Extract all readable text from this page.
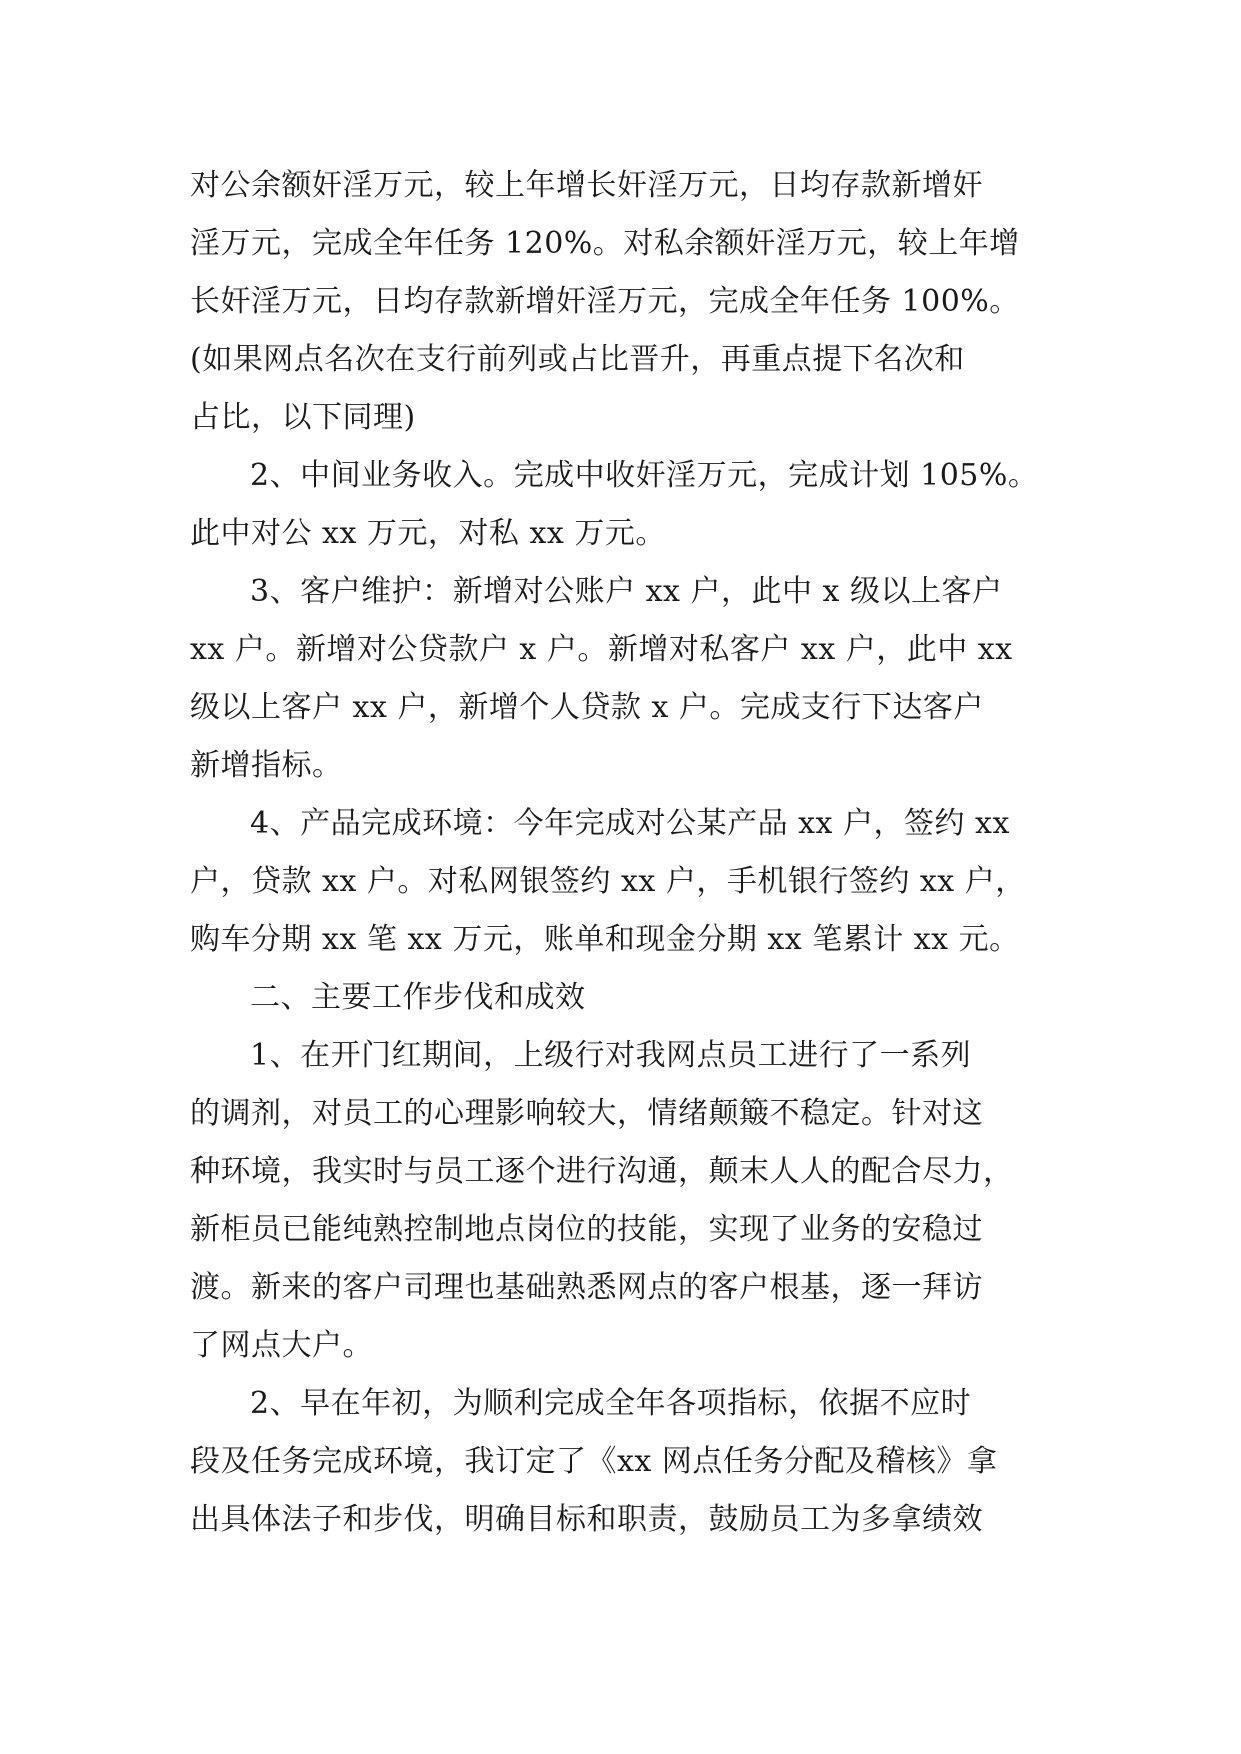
对公余额奸淫万元，较上年增长奸淫万元，日均存款新增奸
淫万元，完成全年任务 120%。对私余额奸淫万元，较上年增
长奸淫万元，日均存款新增奸淫万元，完成全年任务 100%。
(如果网点名次在支行前列或占比晋升，再重点提下名次和
占比，以下同理)
2、中间业务收入。完成中收奸淫万元，完成计划 105%。
此中对公 xx 万元，对私 xx 万元。
3、客户维护：新增对公账户 xx 户，此中 x 级以上客户
xx 户。新增对公贷款户 x 户。新增对私客户 xx 户，此中 xx
级以上客户 xx 户，新增个人贷款 x 户。完成支行下达客户
新增指标。
4、产品完成环境：今年完成对公某产品 xx 户，签约 xx
户，贷款 xx 户。对私网银签约 xx 户，手机银行签约 xx 户，
购车分期 xx 笔 xx 万元，账单和现金分期 xx 笔累计 xx 元。
二、主要工作步伐和成效
1、在开门红期间，上级行对我网点员工进行了一系列
的调剂，对员工的心理影响较大，情绪颠簸不稳定。针对这
种环境，我实时与员工逐个进行沟通，颠末人人的配合尽力，
新柜员已能纯熟控制地点岗位的技能，实现了业务的安稳过
渡。新来的客户司理也基础熟悉网点的客户根基，逐一拜访
了网点大户。
2、早在年初，为顺利完成全年各项指标，依据不应时
段及任务完成环境，我订定了《xx 网点任务分配及稽核》拿
出具体法子和步伐，明确目标和职责，鼓励员工为多拿绩效
